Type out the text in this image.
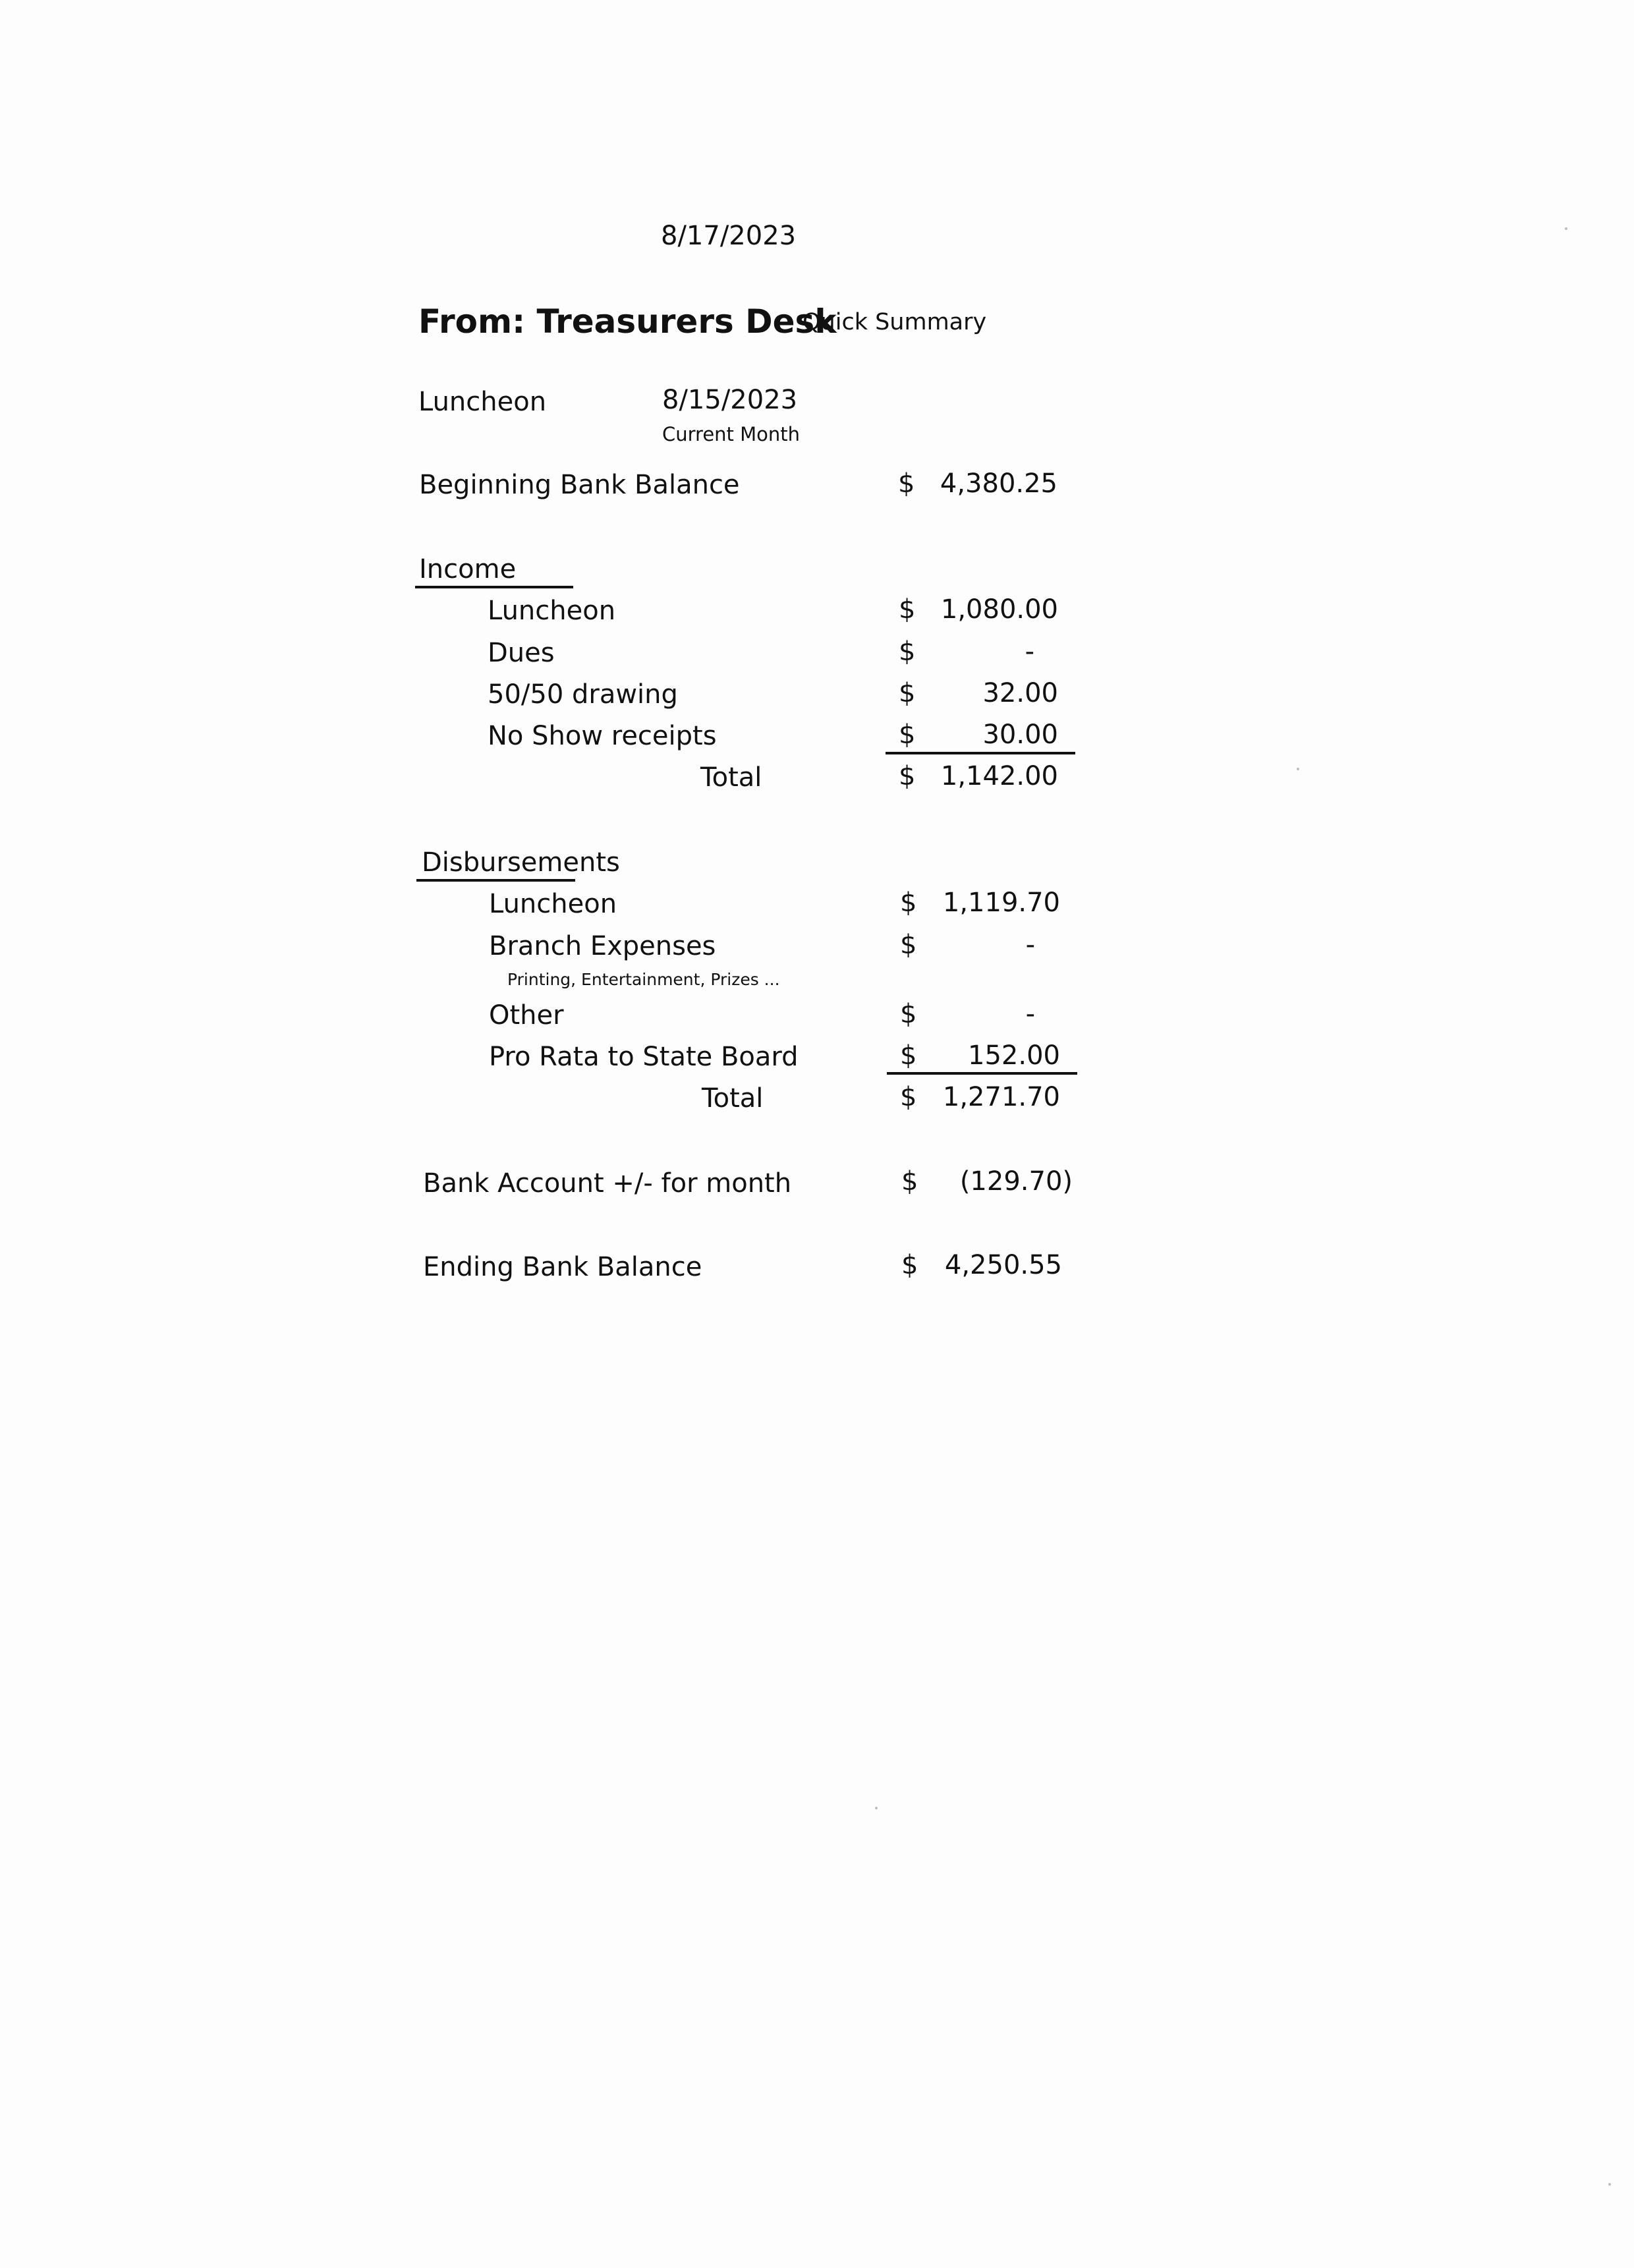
8/17/2023
From: Treasurers Desk
Quick Summary
Luncheon	8/15/2023
Current Month
Beginning Bank Balance	$ 4,380.25
Income
Luncheon	$ 1,080.00
Dues	$	-
50/50 drawing	$	32.00
No Show receipts	$	30.00
Total	$ 1,142.00
Disbursements
Luncheon	$ 1,119.70
Branch Expenses	$	-
Printing, Entertainment, Prizes ...
Other	$	-
Pro Rata to State Board	$	152.00
Total	$ 1,271.70
Bank Account +/- for month	$	(129.70)
Ending Bank Balance	$	4,250.55
